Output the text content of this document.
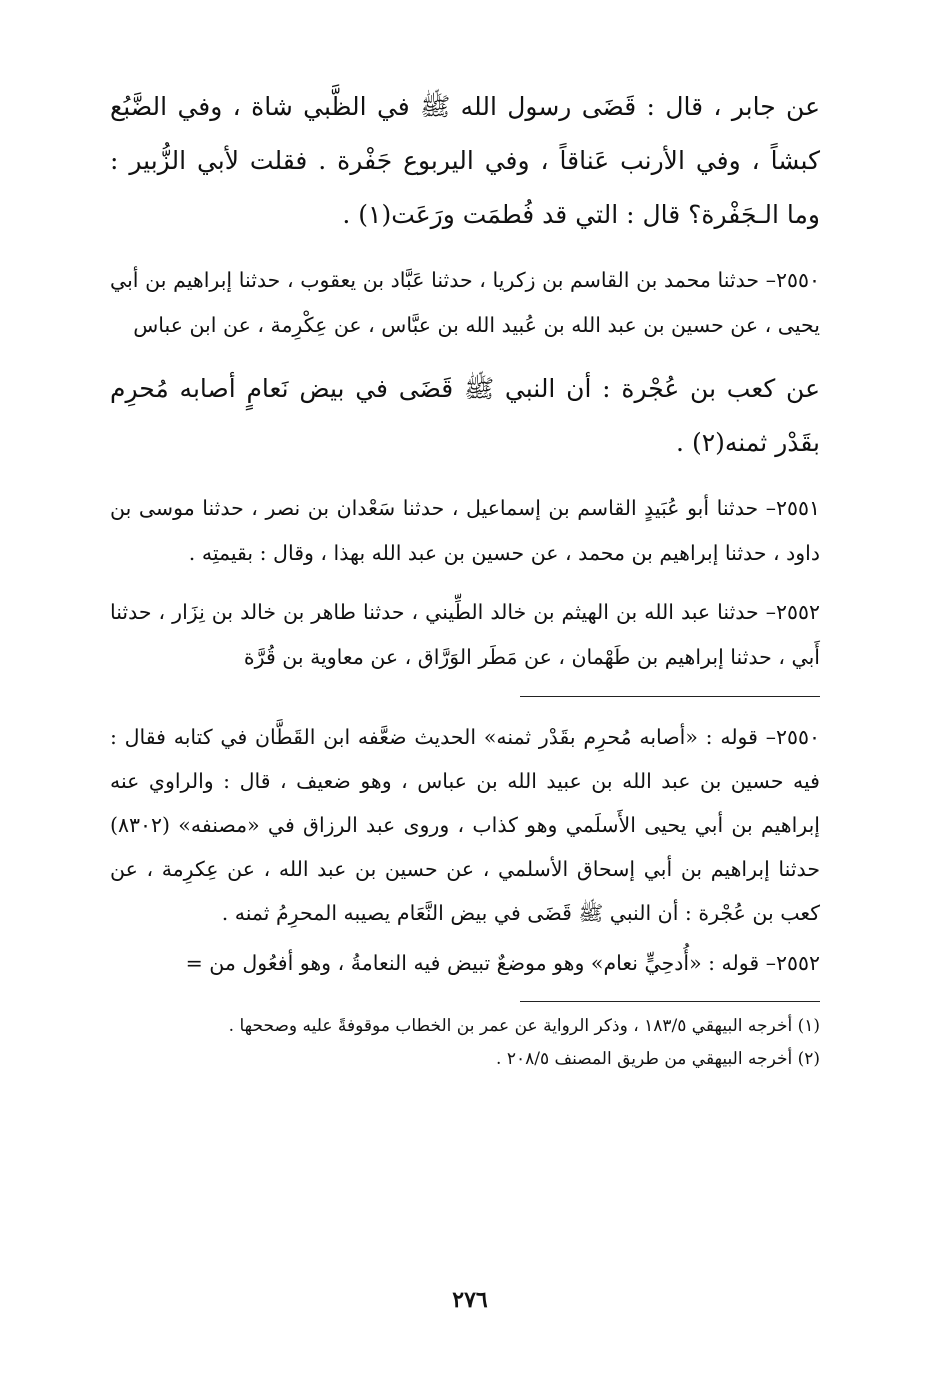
عن جابر ، قال : قَضَى رسول الله ﷺ في الظَّبي شاة ، وفي الضَّبُع كبشاً ، وفي الأرنب عَناقاً ، وفي اليربوع جَفْرة . فقلت لأبي الزُّبير : وما الـجَفْرة؟ قال : التي قد فُطمَت ورَعَت(١) .

٢٥٥٠– حدثنا محمد بن القاسم بن زكريا ، حدثنا عَبَّاد بن يعقوب ، حدثنا إبراهيم بن أبي يحيى ، عن حسين بن عبد الله بن عُبيد الله بن عبَّاس ، عن عِكْرِمة ، عن ابن عباس

عن كعب بن عُجْرة : أن النبي ﷺ قَضَى في بيض نَعامٍ أصابه مُحرِم بقَدْر ثمنه(٢) .

٢٥٥١– حدثنا أبو عُبَيدٍ القاسم بن إسماعيل ، حدثنا سَعْدان بن نصر ، حدثنا موسى بن داود ، حدثنا إبراهيم بن محمد ، عن حسين بن عبد الله بهذا ، وقال : بقيمتِه .

٢٥٥٢– حدثنا عبد الله بن الهيثم بن خالد الطِّيني ، حدثنا طاهر بن خالد بن نِزَار ، حدثنا أَبي ، حدثنا إبراهيم بن طَهْمان ، عن مَطَر الوَرَّاق ، عن معاوية بن قُرَّة

٢٥٥٠– قوله : «أصابه مُحرِم بقَدْر ثمنه» الحديث ضعَّفه ابن القَطَّان في كتابه فقال : فيه حسين بن عبد الله بن عبيد الله بن عباس ، وهو ضعيف ، قال : والراوي عنه إبراهيم بن أبي يحيى الأَسلَمي وهو كذاب ، وروى عبد الرزاق في «مصنفه» (٨٣٠٢) حدثنا إبراهيم بن أبي إسحاق الأسلمي ، عن حسين بن عبد الله ، عن عِكرِمة ، عن كعب بن عُجْرة : أن النبي ﷺ قَضَى في بيض النَّعَام يصيبه المحرِمُ ثمنه .

٢٥٥٢– قوله : «أُدحِيٍّ نعام» وهو موضعٌ تبيض فيه النعامةُ ، وهو أفعُول من =

(١) أخرجه البيهقي ١٨٣/٥ ، وذكر الرواية عن عمر بن الخطاب موقوفةً عليه وصححها .

(٢) أخرجه البيهقي من طريق المصنف ٢٠٨/٥ .

٢٧٦
